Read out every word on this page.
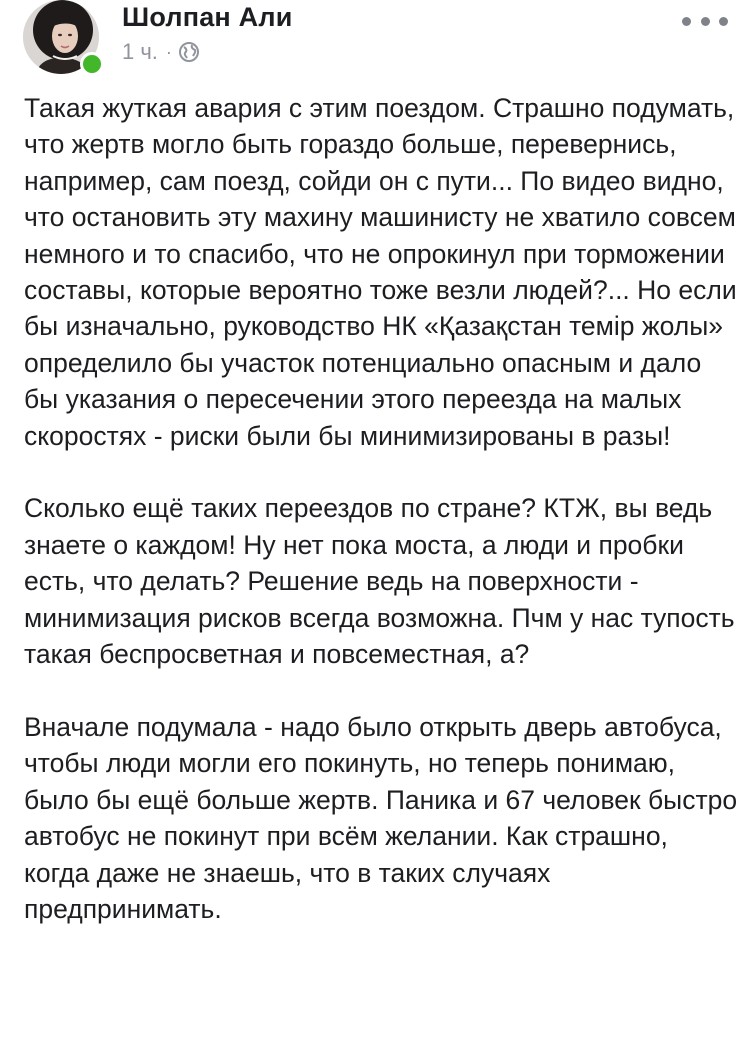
Шолпан Али
1 ч. ·

Такая жуткая авария с этим поездом. Страшно подумать, что жертв могло быть гораздо больше, перевернись, например, сам поезд, сойди он с пути... По видео видно, что остановить эту махину машинисту не хватило совсем немного и то спасибо, что не опрокинул при торможении составы, которые вероятно тоже везли людей?... Но если бы изначально, руководство НК «Қазақстан темір жолы» определило бы участок потенциально опасным и дало бы указания о пересечении этого переезда на малых скоростях - риски были бы минимизированы в разы!

Сколько ещё таких переездов по стране? КТЖ, вы ведь знаете о каждом! Ну нет пока моста, а люди и пробки есть, что делать? Решение ведь на поверхности - минимизация рисков всегда возможна. Пчм у нас тупость такая беспросветная и повсеместная, а?

Вначале подумала - надо было открыть дверь автобуса, чтобы люди могли его покинуть, но теперь понимаю, было бы ещё больше жертв. Паника и 67 человек быстро автобус не покинут при всём желании. Как страшно, когда даже не знаешь, что в таких случаях предпринимать.
